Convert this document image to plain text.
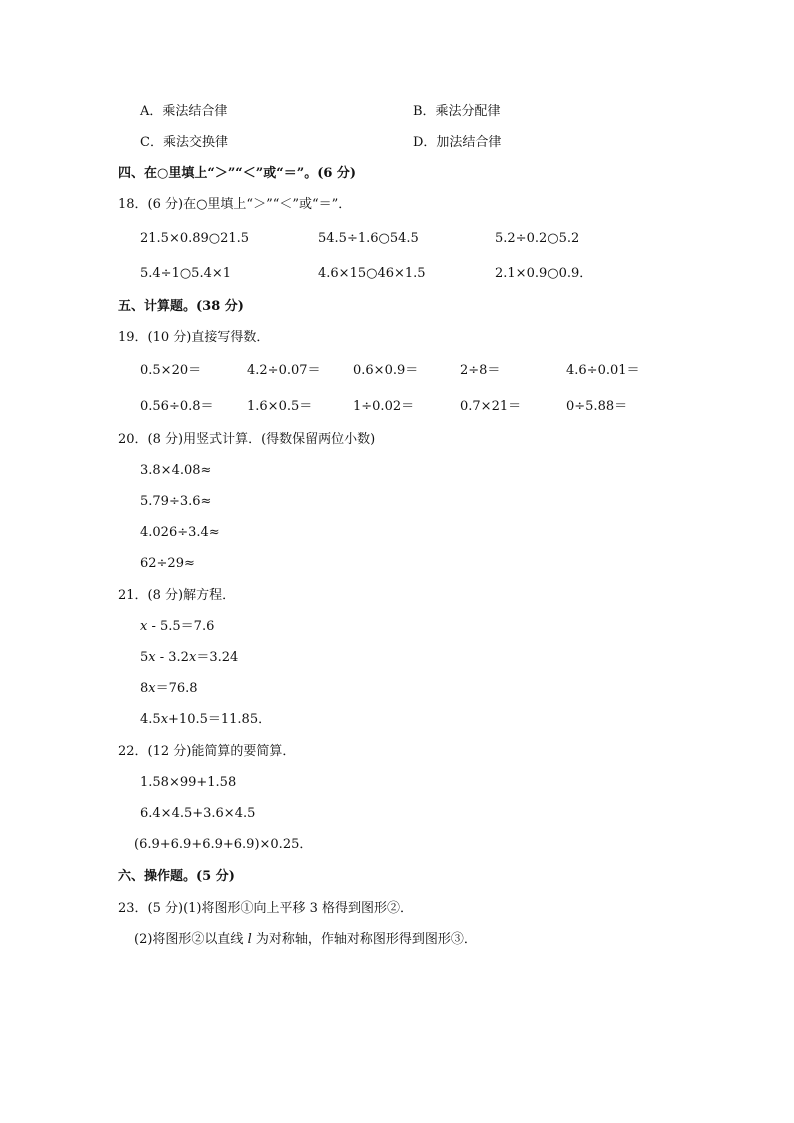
A．乘法结合律	B．乘法分配律
C．乘法交换律	D．加法结合律
四、在○里填上“＞”“＜”或“＝”。(6 分)
18．(6 分)在○里填上“＞”“＜”或“＝”．
21.5×0.89○21.5	54.5÷1.6○54.5	5.2÷0.2○5.2
5.4÷1○5.4×1	4.6×15○46×1.5	2.1×0.9○0.9．
五、计算题。(38 分)
19．(10 分)直接写得数．
0.5×20＝	4.2÷0.07＝ 0.6×0.9＝	2÷8＝	4.6÷0.01＝
0.56÷0.8＝	1.6×0.5＝	1÷0.02＝	0.7×21＝	0÷5.88＝
20．(8 分)用竖式计算．(得数保留两位小数)
3.8×4.08≈
5.79÷3.6≈
4.026÷3.4≈
62÷29≈
21．(8 分)解方程．
x - 5.5＝7.6
5x - 3.2x＝3.24
8x＝76.8
4.5x+10.5＝11.85．
22．(12 分)能简算的要简算．
1.58×99+1.58
6.4×4.5+3.6×4.5
(6.9+6.9+6.9+6.9)×0.25．
六、操作题。(5 分)
23．(5 分)(1)将图形①向上平移 3 格得到图形②．
(2)将图形②以直线 l 为对称轴，作轴对称图形得到图形③．
